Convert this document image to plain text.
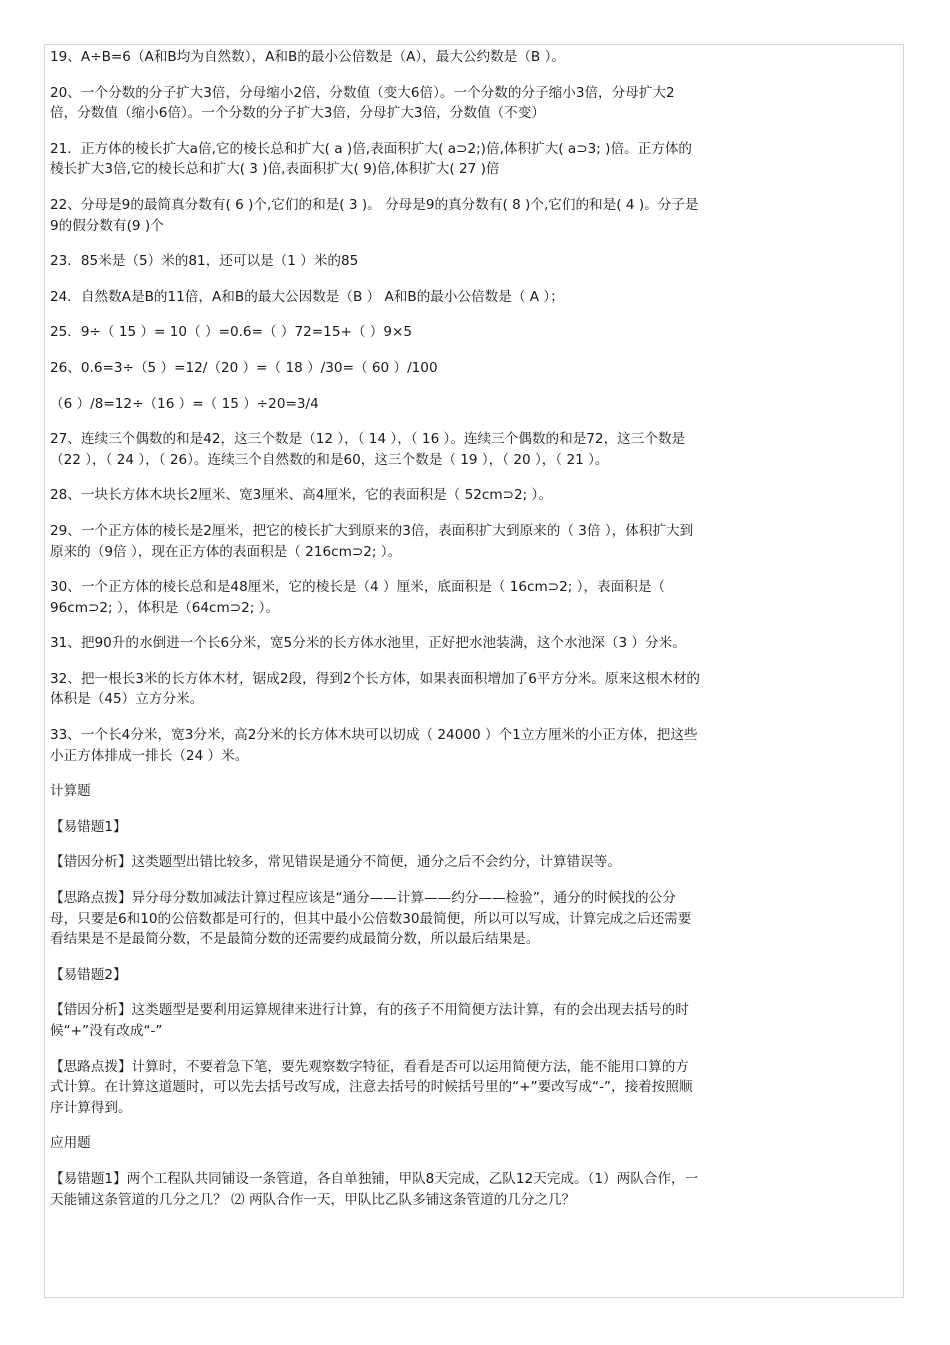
19、A÷B=6（A和B均为自然数），A和B的最小公倍数是（A），最大公约数是（B ）。

20、一个分数的分子扩大3倍，分母缩小2倍，分数值（变大6倍）。一个分数的分子缩小3倍，分母扩大2倍，分数值（缩小6倍）。一个分数的分子扩大3倍，分母扩大3倍，分数值（不变）

21．正方体的棱长扩大a倍,它的棱长总和扩大( a )倍,表面积扩大( a⊃2;)倍,体积扩大( a⊃3; )倍。正方体的棱长扩大3倍,它的棱长总和扩大( 3 )倍,表面积扩大( 9)倍,体积扩大( 27 )倍

22、分母是9的最简真分数有( 6 )个,它们的和是( 3 )。 分母是9的真分数有( 8 )个,它们的和是( 4 )。分子是9的假分数有(9 )个

23．85米是（5）米的81，还可以是（1 ）米的85

24．自然数A是B的11倍，A和B的最大公因数是（B ） A和B的最小公倍数是（ A ）；

25．9÷（ 15 ）= 10（ ）=0.6=（ ）72=15+（ ）9×5

26、0.6=3÷（5 ）=12/（20 ）=（ 18 ）/30=（ 60 ）/100

（6 ）/8=12÷（16 ）=（ 15 ）÷20=3/4

27、连续三个偶数的和是42，这三个数是（12 ），（ 14 ），（ 16 ）。连续三个偶数的和是72，这三个数是（22 ），（ 24 ），（ 26）。连续三个自然数的和是60，这三个数是（ 19 ），（ 20 ），（ 21 ）。

28、一块长方体木块长2厘米、宽3厘米、高4厘米，它的表面积是（ 52cm⊃2; ）。

29、一个正方体的棱长是2厘米，把它的棱长扩大到原来的3倍，表面积扩大到原来的（ 3倍 ），体积扩大到原来的（9倍 ），现在正方体的表面积是（ 216cm⊃2; ）。

30、一个正方体的棱长总和是48厘米，它的棱长是（4 ）厘米，底面积是（ 16cm⊃2; ），表面积是（ 96cm⊃2; ），体积是（64cm⊃2; ）。

31、把90升的水倒进一个长6分米，宽5分米的长方体水池里，正好把水池装满，这个水池深（3 ）分米。

32、把一根长3米的长方体木材，锯成2段，得到2个长方体，如果表面积增加了6平方分米。原来这根木材的体积是（45）立方分米。

33、一个长4分米，宽3分米，高2分米的长方体木块可以切成（ 24000 ）个1立方厘米的小正方体，把这些小正方体排成一排长（24 ）米。

计算题

【易错题1】

【错因分析】这类题型出错比较多，常见错误是通分不简便，通分之后不会约分，计算错误等。

【思路点拨】异分母分数加减法计算过程应该是“通分——计算——约分——检验”，通分的时候找的公分母，只要是6和10的公倍数都是可行的，但其中最小公倍数30最简便，所以可以写成，计算完成之后还需要看结果是不是最简分数，不是最简分数的还需要约成最简分数，所以最后结果是。

【易错题2】

【错因分析】这类题型是要利用运算规律来进行计算，有的孩子不用简便方法计算，有的会出现去括号的时候“+”没有改成“-”

【思路点拨】计算时，不要着急下笔，要先观察数字特征，看看是否可以运用简便方法，能不能用口算的方式计算。在计算这道题时，可以先去括号改写成，注意去括号的时候括号里的“+”要改写成“-”，接着按照顺序计算得到。

应用题

【易错题1】两个工程队共同铺设一条管道，各自单独铺，甲队8天完成，乙队12天完成。（1）两队合作，一天能铺这条管道的几分之几？ ⑵ 两队合作一天，甲队比乙队多铺这条管道的几分之几？
